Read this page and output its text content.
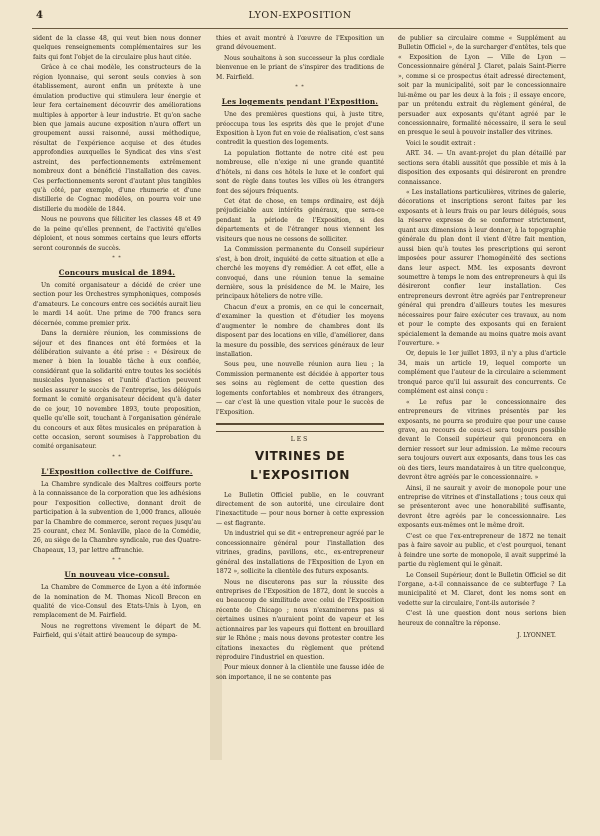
4	LYON-EXPOSITION

sident de la classe 48, qui veut bien nous donner quelques renseignements complémentaires sur les faits qui font l'objet de la circulaire plus haut citée.

Grâce à ce chai modèle, les constructeurs de la région lyonnaise, qui seront seuls convies à son établissement, auront enfin un prétexte à une émulation productive qui stimulera leur énergie et leur fera certainement découvrir des améliorations multiples à apporter à leur industrie. Et qu'on sache bien que jamais aucune exposition n'aura offert un groupement aussi raisonné, aussi méthodique, résultat de l'expérience acquise et des études approfondies auxquelles le Syndicat des vins s'est astreint, des perfectionnements extrêmement nombreux dont a bénéficié l'installation des caves. Ces perfectionnements seront d'autant plus tangibles qu'à côté, par exemple, d'une rhumerie et d'une distillerie de Cognac modèles, on pourra voir une distillerie du modèle de 1844.

Nous ne pouvons que féliciter les classes 48 et 49 de la peine qu'elles prennent, de l'activité qu'elles déploient, et nous sommes certains que leurs efforts seront couronnés de succès.

* *
Concours musical de 1894.

Un comité organisateur a décidé de créer une section pour les Orchestres symphoniques, composés d'amateurs. Le concours entre ces sociétés aurait lieu le mardi 14 août. Une prime de 700 francs sera décernée, comme premier prix.

Dans la dernière réunion, les commissions de séjour et des finances ont été formées et la délibération suivante a été prise : « Désireux de mener à bien la louable tâche à eux confiée, considérant que la solidarité entre toutes les sociétés musicales lyonnaises et l'unité d'action peuvent seules assurer le succès de l'entreprise, les délégués formant le comité organisateur décident qu'à dater de ce jour, 10 novembre 1893, toute proposition, quelle qu'elle soit, touchant à l'organisation générale du concours et aux fêtes musicales en préparation à cette occasion, seront soumises à l'approbation du comité organisateur.

* *
L'Exposition collective de Coiffure.

La Chambre syndicale des Maîtres coiffeurs porte à la connaissance de la corporation que les adhésions pour l'exposition collective, donnant droit de participation à la subvention de 1,000 francs, allouée par la Chambre de commerce, seront reçues jusqu'au 25 courant, chez M. Sonlaville, place de la Comédie, 26, au siège de la Chambre syndicale, rue des Quatre-Chapeaux, 13, par lettre affranchie.

* *
Un nouveau vice-consul.

La Chambre de Commerce de Lyon a été informée de la nomination de M. Thomas Nicoll Brecon en qualité de vice-Consul des Etats-Unis à Lyon, en remplacement de M. Fairfield.

Nous ne regrettons vivement le départ de M. Fairfield, qui s'était attiré beaucoup de sympa-

thies et avait montré à l'œuvre de l'Exposition un grand dévouement.

Nous souhaitons à son successeur la plus cordiale bienvenue en le priant de s'inspirer des traditions de M. Fairfield.

* *
Les logements pendant l'Exposition.

Une des premières questions qui, à juste titre, préoccupa tous les esprits dès que le projet d'une Exposition à Lyon fut en voie de réalisation, c'est sans contredit la question des logements.

La population flottante de notre cité est peu nombreuse, elle n'exige ni une grande quantité d'hôtels, ni dans ces hôtels le luxe et le confort qui sont de règle dans toutes les villes où les étrangers font des séjours fréquents.

Cet état de chose, en temps ordinaire, est déjà préjudiciable aux intérêts généraux, que sera-ce pendant la période de l'Exposition, si des départements et de l'étranger nous viennent les visiteurs que nous ne cessons de solliciter.

La Commission permanente du Conseil supérieur s'est, à bon droit, inquiété de cette situation et elle a cherché les moyens d'y remédier. A cet effet, elle a convoqué, dans une réunion tenue la semaine dernière, sous la présidence de M. le Maire, les principaux hôteliers de notre ville.

Chacun d'eux a promis, en ce qui le concernait, d'examiner la question et d'étudier les moyens d'augmenter le nombre de chambres dont ils disposent par des locations en ville, d'améliorer, dans la mesure du possible, des services généraux de leur installation.

Sous peu, une nouvelle réunion aura lieu ; la Commission permanente est décidée à apporter tous ses soins au règlement de cette question des logements confortables et nombreux des étrangers, — car c'est là une question vitale pour le succès de l'Exposition.

LES
VITRINES DE L'EXPOSITION

Le Bulletin Officiel publie, en le couvrant directement de son autorité, une circulaire dont l'inexactitude — pour nous borner à cette expression — est flagrante.

Un industriel qui se dit « entrepreneur agréé par le concessionnaire général pour l'installation des vitrines, gradins, pavillons, etc., ex-entrepreneur général des installations de l'Exposition de Lyon en 1872 », sollicite la clientèle des futurs exposants.

Nous ne discuterons pas sur la réussite des entreprises de l'Exposition de 1872, dont le succès a eu beaucoup de similitude avec celui de l'Exposition récente de Chicago ; nous n'examinerons pas si certaines usines n'auraient point de vapeur et les actionnaires par les vapeurs qui flottent en brouillard sur le Rhône ; mais nous devons protester contre les citations inexactes du règlement que prétend reproduire l'industriel en question.

Pour mieux donner à la clientèle une fausse idée de son importance, il ne se contente pas

de publier sa circulaire comme « Supplément au Bulletin Officiel », de la surcharger d'entêtes, tels que « Exposition de Lyon — Ville de Lyon — Concessionnaire général J. Claret, palais Saint-Pierre », comme si ce prospectus était adressé directement, soit par la municipalité, soit par le concessionnaire lui-même ou par les deux à la fois ; il essaye encore, par un prétendu extrait du règlement général, de persuader aux exposants qu'étant agréé par le concessionnaire, formalité nécessaire, il sera le seul en presque le seul à pouvoir installer des vitrines.

Voici le soudit extrait :

ART. 34. — Un avant-projet du plan détaillé par sections sera établi aussitôt que possible et mis à la disposition des exposants qui désireront en prendre connaissance.

« Les installations particulières, vitrines de galerie, décorations et inscriptions seront faites par les exposants et à leurs frais ou par leurs délégués, sous la réserve expresse de se conformer strictement, quant aux dimensions à leur donner, à la topographie générale du plan dont il vient d'être fait mention, aussi bien qu'à toutes les prescriptions qui seront imposées pour assurer l'homogénéité des sections dans leur aspect. MM. les exposants devront soumettre à temps le nom des entrepreneurs à qui ils désireront confier leur installation. Ces entrepreneurs devront être agréés par l'entrepreneur général qui prendra d'ailleurs toutes les mesures nécessaires pour faire exécuter ces travaux, au nom et pour le compte des exposants qui en feraient spécialement la demande au moins quatre mois avant l'ouverture. »

Or, depuis le 1er juillet 1893, il n'y a plus d'article 34, mais un article 19, lequel comporte un complément que l'auteur de la circulaire a sciemment tronqué parce qu'il lui assurait des concurrents. Ce complément est ainsi conçu :

« Le refus par le concessionnaire des entrepreneurs de vitrines présentés par les exposants, ne pourra se produire que pour une cause grave, au recours de ceux-ci sera toujours possible devant le Conseil supérieur qui prononcera en dernier ressort sur leur admission. Le même recours sera toujours ouvert aux exposants, dans tous les cas où des tiers, leurs mandataires à un titre quelconque, devront être agréés par le concessionnaire. »

Ainsi, il ne saurait y avoir de monopole pour une entreprise de vitrines et d'installations ; tous ceux qui se présenteront avec une honorabilité suffisante, devront être agréés par le concessionnaire. Les exposants eux-mêmes ont le même droit.

C'est ce que l'ex-entrepreneur de 1872 ne tenait pas à faire savoir au public, et c'est pourquoi, tenant à feindre une sorte de monopole, il avait supprimé la partie du règlement qui le gênait.

Le Conseil Supérieur, dont le Bulletin Officiel se dit l'organe, a-t-il connaissance de ce subterfuge ? La municipalité et M. Claret, dont les noms sont en vedette sur la circulaire, l'ont-ils autorisée ?

C'est là une question dont nous serions bien heureux de connaître la réponse.

J. LYONNET.
